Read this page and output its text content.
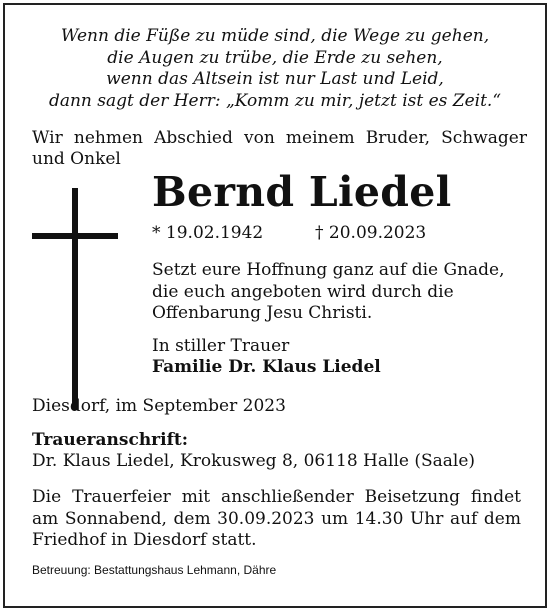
Wenn die Füße zu müde sind, die Wege zu gehen,
die Augen zu trübe, die Erde zu sehen,
wenn das Altsein ist nur Last und Leid,
dann sagt der Herr: „Komm zu mir, jetzt ist es Zeit.“
Wir nehmen Abschied von meinem Bruder, Schwager und Onkel
Bernd Liedel
* 19.02.1942	† 20.09.2023
Setzt eure Hoffnung ganz auf die Gnade, die euch angeboten wird durch die Offenbarung Jesu Christi.
In stiller Trauer
Familie Dr. Klaus Liedel
Diesdorf, im September 2023
Traueranschrift:
Dr. Klaus Liedel, Krokusweg 8, 06118 Halle (Saale)
Die Trauerfeier mit anschließender Beisetzung findet am Sonnabend, dem 30.09.2023 um 14.30 Uhr auf dem Friedhof in Diesdorf statt.
Betreuung: Bestattungshaus Lehmann, Dähre
